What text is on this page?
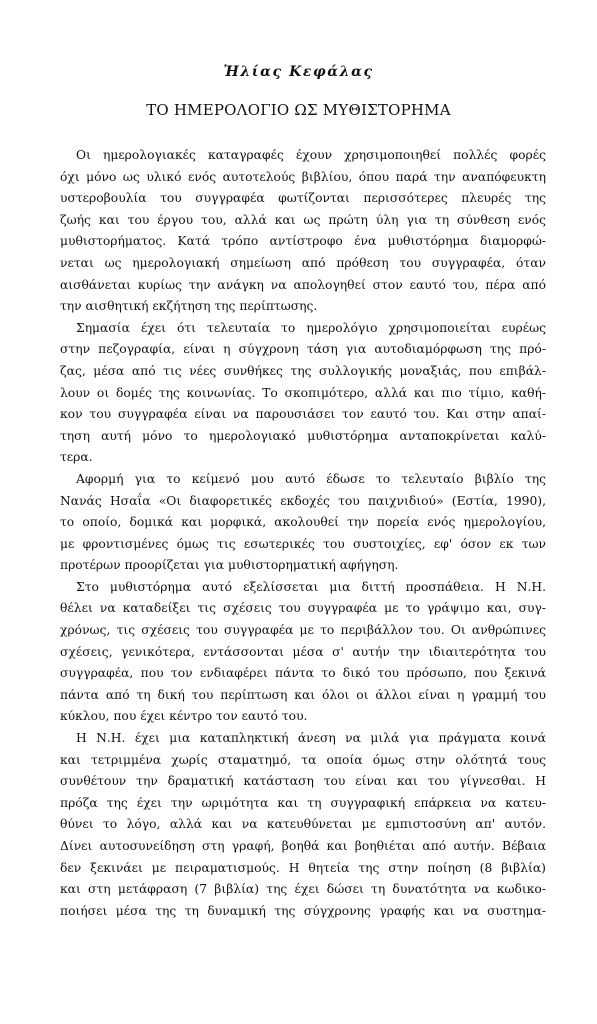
Ἠλίας Κεφάλας
ΤΟ ΗΜΕΡΟΛΟΓΙΟ ΩΣ ΜΥΘΙΣΤΟΡΗΜΑ
Οι ημερολογιακές καταγραφές έχουν χρησιμοποιηθεί πολλές φορές
όχι μόνο ως υλικό ενός αυτοτελούς βιβλίου, όπου παρά την αναπόφευκτη
υστεροβουλία του συγγραφέα φωτίζονται περισσότερες πλευρές της
ζωής και του έργου του, αλλά και ως πρώτη ύλη για τη σύνθεση ενός
μυθιστορήματος. Κατά τρόπο αντίστροφο ένα μυθιστόρημα διαμορφώ-
νεται ως ημερολογιακή σημείωση από πρόθεση του συγγραφέα, όταν
αισθάνεται κυρίως την ανάγκη να απολογηθεί στον εαυτό του, πέρα από
την αισθητική εκζήτηση της περίπτωσης.
Σημασία έχει ότι τελευταία το ημερολόγιο χρησιμοποιείται ευρέως
στην πεζογραφία, είναι η σύγχρονη τάση για αυτοδιαμόρφωση της πρό-
ζας, μέσα από τις νέες συνθήκες της συλλογικής μοναξιάς, που επιβάλ-
λουν οι δομές της κοινωνίας. Το σκοπιμότερο, αλλά και πιο τίμιο, καθή-
κον του συγγραφέα είναι να παρουσιάσει τον εαυτό του. Και στην απαί-
τηση αυτή μόνο το ημερολογιακό μυθιστόρημα ανταποκρίνεται καλύ-
τερα.
Αφορμή για το κείμενό μου αυτό έδωσε το τελευταίο βιβλίο της
Νανάς Ησαΐα «Οι διαφορετικές εκδοχές του παιχνιδιού» (Εστία, 1990),
το οποίο, δομικά και μορφικά, ακολουθεί την πορεία ενός ημερολογίου,
με φροντισμένες όμως τις εσωτερικές του συστοιχίες, εφ' όσον εκ των
προτέρων προορίζεται για μυθιστορηματική αφήγηση.
Στο μυθιστόρημα αυτό εξελίσσεται μια διττή προσπάθεια. Η Ν.Η.
θέλει να καταδείξει τις σχέσεις του συγγραφέα με το γράψιμο και, συγ-
χρόνως, τις σχέσεις του συγγραφέα με το περιβάλλον του. Οι ανθρώπινες
σχέσεις, γενικότερα, εντάσσονται μέσα σ' αυτήν την ιδιαιτερότητα του
συγγραφέα, που τον ενδιαφέρει πάντα το δικό του πρόσωπο, που ξεκινά
πάντα από τη δική του περίπτωση και όλοι οι άλλοι είναι η γραμμή του
κύκλου, που έχει κέντρο τον εαυτό του.
Η Ν.Η. έχει μια καταπληκτική άνεση να μιλά για πράγματα κοινά
και τετριμμένα χωρίς σταματημό, τα οποία όμως στην ολότητά τους
συνθέτουν την δραματική κατάσταση του είναι και του γίγνεσθαι. Η
πρόζα της έχει την ωριμότητα και τη συγγραφική επάρκεια να κατευ-
θύνει το λόγο, αλλά και να κατευθύνεται με εμπιστοσύνη απ' αυτόν.
Δίνει αυτοσυνείδηση στη γραφή, βοηθά και βοηθιέται από αυτήν. Βέβαια
δεν ξεκινάει με πειραματισμούς. Η θητεία της στην ποίηση (8 βιβλία)
και στη μετάφραση (7 βιβλία) της έχει δώσει τη δυνατότητα να κωδικο-
ποιήσει μέσα της τη δυναμική της σύγχρονης γραφής και να συστημα-
